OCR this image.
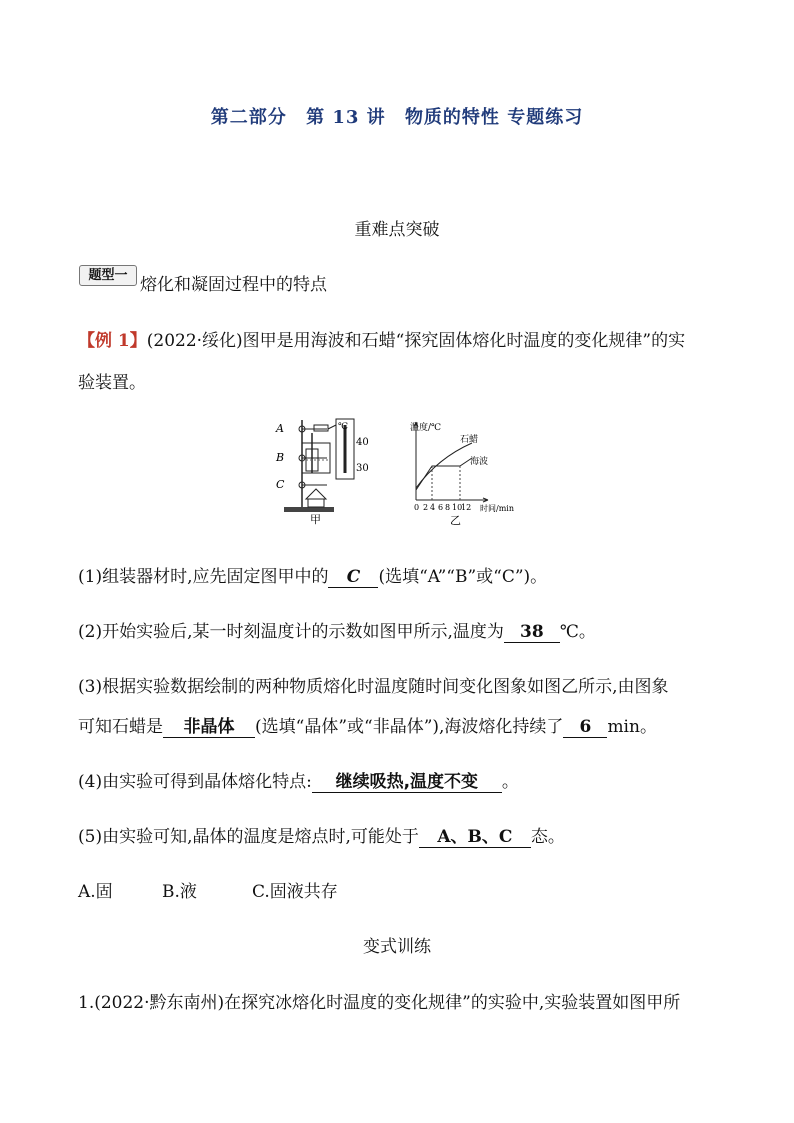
第二部分 第 13 讲 物质的特性 专题练习
重难点突破
题型一 熔化和凝固过程中的特点
【例 1】(2022·绥化)图甲是用海波和石蜡“探究固体熔化时温度的变化规律”的实
验装置。
A
B
C
℃
40
30
甲
温度/℃
石蜡
海波
0 2 4 6 8 10
12 时间/min
乙
(1)组装器材时,应先固定图甲中的 C (选填“A”“B”或“C”)。
(2)开始实验后,某一时刻温度计的示数如图甲所示,温度为 38 ℃。
(3)根据实验数据绘制的两种物质熔化时温度随时间变化图象如图乙所示,由图象
可知石蜡是 非晶体 (选填“晶体”或“非晶体”),海波熔化持续了 6 min。
(4)由实验可得到晶体熔化特点: 继续吸热,温度不变 。
(5)由实验可知,晶体的温度是熔点时,可能处于 A、B、C 态。
A.固	B.液	C.固液共存
变式训练
1.(2022·黔东南州)在探究冰熔化时温度的变化规律”的实验中,实验装置如图甲所
